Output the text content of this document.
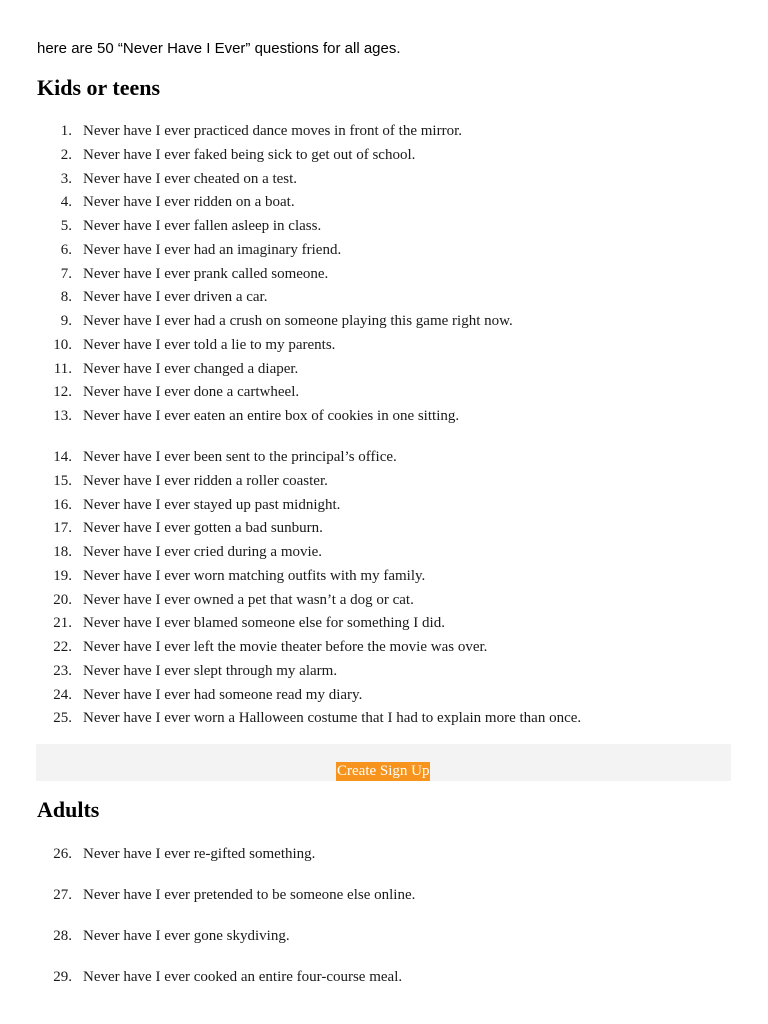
here are 50 “Never Have I Ever” questions for all ages.

Kids or teens
1. Never have I ever practiced dance moves in front of the mirror.
2. Never have I ever faked being sick to get out of school.
3. Never have I ever cheated on a test.
4. Never have I ever ridden on a boat.
5. Never have I ever fallen asleep in class.
6. Never have I ever had an imaginary friend.
7. Never have I ever prank called someone.
8. Never have I ever driven a car.
9. Never have I ever had a crush on someone playing this game right now.
10. Never have I ever told a lie to my parents.
11. Never have I ever changed a diaper.
12. Never have I ever done a cartwheel.
13. Never have I ever eaten an entire box of cookies in one sitting.
14. Never have I ever been sent to the principal’s office.
15. Never have I ever ridden a roller coaster.
16. Never have I ever stayed up past midnight.
17. Never have I ever gotten a bad sunburn.
18. Never have I ever cried during a movie.
19. Never have I ever worn matching outfits with my family.
20. Never have I ever owned a pet that wasn’t a dog or cat.
21. Never have I ever blamed someone else for something I did.
22. Never have I ever left the movie theater before the movie was over.
23. Never have I ever slept through my alarm.
24. Never have I ever had someone read my diary.
25. Never have I ever worn a Halloween costume that I had to explain more than once.
Create Sign Up
Adults
26. Never have I ever re-gifted something.
27. Never have I ever pretended to be someone else online.
28. Never have I ever gone skydiving.
29. Never have I ever cooked an entire four-course meal.
